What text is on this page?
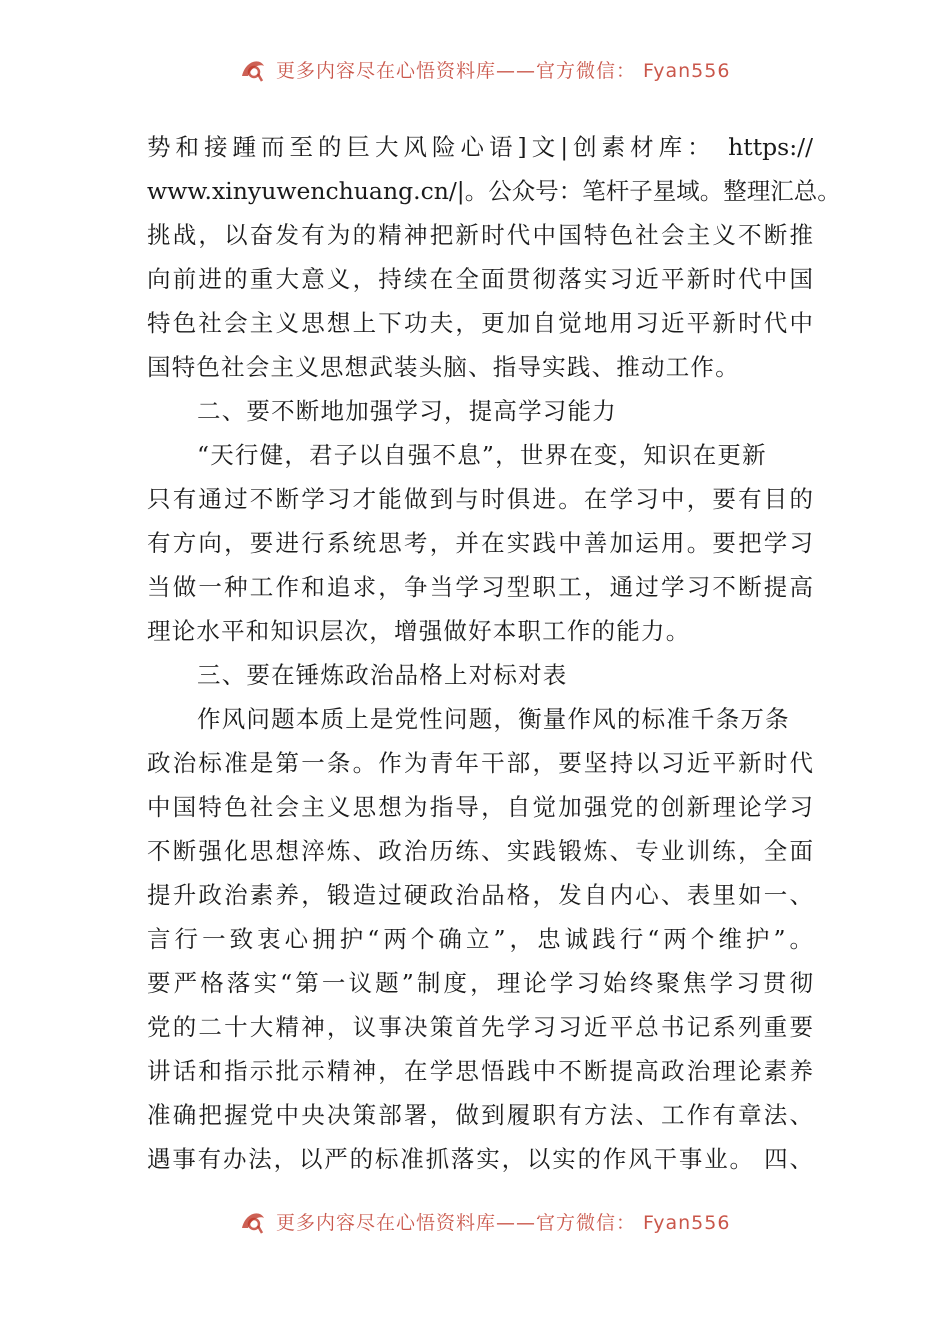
更多内容尽在心悟资料库——官方微信： Fyan556
势和接踵而至的巨大风险心语]文|创素材库： https://
www.xinyuwenchuang.cn/|。公众号：笔杆子星域。整理汇总。
挑战，以奋发有为的精神把新时代中国特色社会主义不断推
向前进的重大意义，持续在全面贯彻落实习近平新时代中国
特色社会主义思想上下功夫，更加自觉地用习近平新时代中
国特色社会主义思想武装头脑、指导实践、推动工作。
二、要不断地加强学习，提高学习能力
“天行健，君子以自强不息”，世界在变，知识在更新
只有通过不断学习才能做到与时俱进。在学习中，要有目的
有方向，要进行系统思考，并在实践中善加运用。要把学习
当做一种工作和追求，争当学习型职工，通过学习不断提高
理论水平和知识层次，增强做好本职工作的能力。
三、要在锤炼政治品格上对标对表
作风问题本质上是党性问题，衡量作风的标准千条万条
政治标准是第一条。作为青年干部，要坚持以习近平新时代
中国特色社会主义思想为指导，自觉加强党的创新理论学习
不断强化思想淬炼、政治历练、实践锻炼、专业训练，全面
提升政治素养，锻造过硬政治品格，发自内心、表里如一、
言行一致衷心拥护“两个确立”，忠诚践行“两个维护”。
要严格落实“第一议题”制度，理论学习始终聚焦学习贯彻
党的二十大精神，议事决策首先学习习近平总书记系列重要
讲话和指示批示精神，在学思悟践中不断提高政治理论素养
准确把握党中央决策部署，做到履职有方法、工作有章法、
遇事有办法，以严的标准抓落实，以实的作风干事业。 四、
更多内容尽在心悟资料库——官方微信： Fyan556
